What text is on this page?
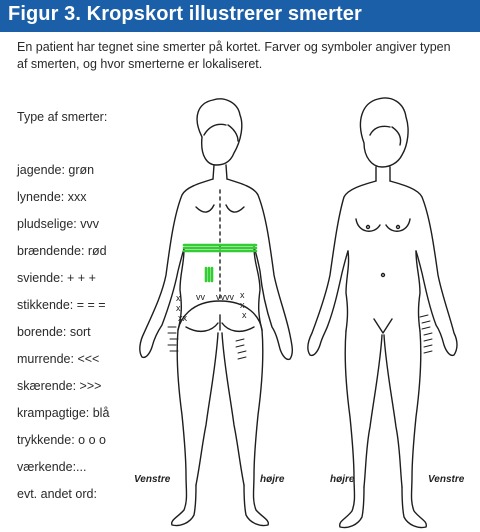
Figur 3. Kropskort illustrerer smerter
En patient har tegnet sine smerter på kortet. Farver og symboler angiver typen af smerten, og hvor smerterne er lokaliseret.
Type af smerter:
jagende: grøn
lynende: xxx
pludselige: vvv
brændende: rød
sviende: + + +
stikkende: = = =
borende: sort
murrende: <<<
skærende: >>>
krampagtige: blå
trykkende: o o o
værkende:...
evt. andet ord:
x
x
xx
vv vvvv x
x
x
Venstre	højre	højre	Venstre
